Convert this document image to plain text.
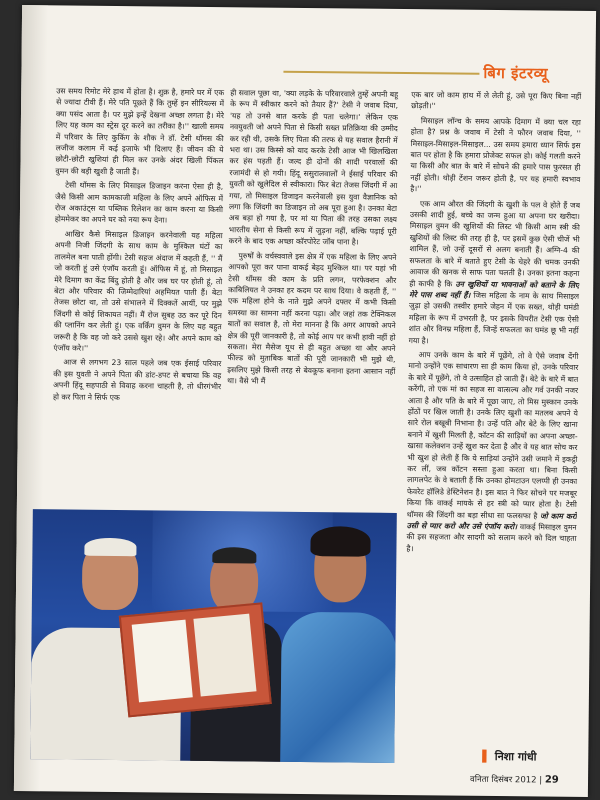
बिग इंटरव्यू

उस समय रिमोट मेरे हाथ में होता है। शुक्र है, हमारे घर में एक से ज्यादा टीवी हैं। मेरे पति पूछते हैं कि तुम्हें इन सीरियल्स में क्या पसंद आता है। पर मुझे इन्हें देखना अच्छा लगता है। मेरे लिए यह काम का स्ट्रेस दूर करने का तरीका है।'' खाली समय में परिवार के लिए कुकिंग के शौक ने डॉ. टेसी थॉमस की लजीज कलाम में कई इजाफे भी दिलाए हैं। जीवन की ये छोटी-छोटी खुशियां ही मिल कर उनके अंदर खिली पिंकल वुमन की बड़ी खुशी है जाती हैं।

टेसी थॉमस के लिए मिसाइल डिजाइन करना ऐसा ही है, जैसे किसी आम कामकाजी महिला के लिए अपने ऑफिस में रोज अकाउंट्स या पब्लिक रिलेशन का काम करना या किसी होममेकर का अपने घर को नया रूप देना।

आखिर कैसे मिसाइल डिजाइन करनेवाली यह महिला अपनी निजी जिंदगी के साथ काम के मुश्किल घंटों का तालमेल बना पाती होंगी। टेसी सहज अंदाज में कहती हैं, '' मैं जो करती हूं उसे एंजॉय करती हूं। ऑफिस में हूं, तो मिसाइल मेरे दिमाग का केंद्र बिंदु होती है और जब घर पर होती हूं, तो बेटा और परिवार की जिम्मेदारियां अहमियत पाती हैं। बेटा तेजस छोटा था, तो उसे संभालने में दिक्कतें आयीं, पर मुझे जिंदगी से कोई शिकायत नहीं। मैं रोज सुबह उठ कर पूरे दिन की प्लानिंग कर लेती हूं। एक वर्किंग वुमन के लिए यह बहुत जरूरी है कि वह जो करे उससे खुश रहे। और अपने काम को एंजॉय करे।''

आज से लगभग 23 साल पहले जब एक ईसाई परिवार की इस युवती ने अपने पिता की डांट-डपट से बचाया कि वह अपनी हिंदू सहपाठी से विवाह करना चाहती है, तो धीरगंभीर हो कर पिता ने सिर्फ एक

ही सवाल पूछा था, 'क्या लड़के के परिवारवाले तुम्हें अपनी बहू के रूप में स्वीकार करने को तैयार हैं?' टेसी ने जवाब दिया, 'यह तो उनसे बात करके ही पता चलेगा।' लेकिन एक नवयुवती जो अपने पिता से किसी सख्त प्रतिक्रिया की उम्मीद कर रही थी, उसके लिए पिता की तरफ से यह सवाल हैरानी में भरा था। उस किस्से को याद करके टेसी आज भी खिलखिला कर हंस पड़ती हैं। जल्द ही दोनों की शादी परवालों की रजामंदी से हो गयी। हिंदू ससुरालवालों ने ईसाई परिवार की युवती को खुलेदिल से स्वीकारा। फिर बेटा तेजस जिंदगी में आ गया, तो मिसाइल डिजाइन करनेवाली इस युवा वैज्ञानिक को लगा कि जिंदगी का डिजाइन तो अब पूरा हुआ है। उनका बेटा अब बड़ा हो गया है, पर मां या पिता की तरह उसका लक्ष्य भारतीय सेना से किसी रूप में जुड़ना नहीं, बल्कि पढ़ाई पूरी करने के बाद एक अच्छा कॉरपोरेट जॉब पाना है।

पुरुषों के वर्चस्ववाले इस क्षेत्र में एक महिला के लिए अपने आपको पूरा कर पाना वाकई बेहद मुश्किल था। पर यहां भी टेसी थॉमस की काम के प्रति लगन, परफेक्शन और काबिलियत ने उनका हर कदम पर साथ दिया। वे कहती हैं, '' एक महिला होने के नाते मुझे अपने दफ्तर में कभी किसी समस्या का सामना नहीं करना पड़ा। और जहां तक टेक्निकल बातों का सवाल है, तो मेरा मानना है कि अगर आपको अपने क्षेत्र की पूरी जानकारी है, तो कोई आप पर कभी हावी नहीं हो सकता। मेरा मैसेज यूथ से ही बहुत अच्छा था और अपने फील्ड को मुताबिक बातों की पूरी जानकारी भी मुझे थी, इसलिए मुझे किसी तरह से बेवकूफ बनाना इतना आसान नहीं था। वैसे भी मैं

एक बार जो काम हाथ में ले लेती हूं, उसे पूरा किए बिना नहीं छोड़ती।''

मिसाइल लॉन्च के समय आपके दिमाग में क्या चल रहा होता है? प्रश्न के जवाब में टेसी ने फौरन जवाब दिया, '' मिसाइल-मिसाइल-मिसाइल... उस समय हमारा ध्यान सिर्फ इस बात पर होता है कि हमारा प्रोजेक्ट सफल हो। कोई गलती करने या किसी और बात के बारे में सोचने की हमारे पास फुरसत ही नहीं होती। थोड़ी टेंशन जरूर होती है, पर यह हमारी स्वभाव है।''

एक आम औरत की जिंदगी के खुशी के पल वे होते हैं जब उसकी शादी हुई, बच्चे का जन्म हुआ या अपना घर खरीदा। मिसाइल वुमन की खुशियों की लिस्ट भी किसी आम स्त्री की खुशियों की लिस्ट की तरह ही है, पर इसमें कुछ ऐसी चीजें भी शामिल हैं, जो उन्हें दूसरों से अलग बनाती हैं। अग्नि-4 की सफलता के बारे में बताते हुए टेसी के चेहरे की चमक उनकी आवाज की खनक से साफ पता चलती है। उनका इतना कहना ही काफी है कि उन खुशियों या भावनाओं को बताने के लिए मेरे पास शब्द नहीं हैं। जिस महिला के नाम के साथ मिसाइल जुड़ा हो उसकी तस्वीर हमारे जेहन में एक सख्त, थोड़ी घमंडी महिला के रूप में उभरती है, पर इसके विपरीत टेसी एक ऐसी शांत और विनम्र महिला हैं, जिन्हें सफलता का घमंड छू भी नहीं गया है।

आप उनके काम के बारे में पूछेंगे, तो वे ऐसे जवाब देंगी मानो उन्होंने एक साधारण सा ही काम किया हो, उनके परिवार के बारे में पूछेंगे, तो वे उत्साहित हो जाती हैं। बेटे के बारे में बात करेंगी, तो एक मां का सहज सा वात्सल्य और गर्व उनकी नजर आता है और पति के बारे में पूछा जाए, तो मिस मुस्कान उनके होंठों पर खिल जाती है। उनके लिए खुशी का मतलब अपने ये सारे रोल बखूबी निभाना है। उन्हें पति और बेटे के लिए खाना बनाने में खुशी मिलती है, कॉटन की साड़ियों का अपना अच्छा-खासा कलेक्शन उन्हें खुश कर देता है और वे यह बात सोच कर भी खुश हो लेती हैं कि ये साड़ियां उन्होंने उसी जमाने में इकट्ठी कर लीं, जब कॉटन सस्ता हुआ करता था। बिना किसी लागलपेट के वे बताती हैं कि उनका होमटाउन एलप्पी ही उनका फेवरेट हॉलिडे डेस्टिनेशन है। इस बात ने फिर सोचने पर मजबूर किया कि वाकई मायके से हर स्त्री को प्यार होता है। टेसी थॉमस की जिंदगी का बड़ा सीधा सा फलसफा है जो काम करो उसी से प्यार करो और उसे एंजॉय करो। वाकई मिसाइल वुमन की इस सहजता और सादगी को सलाम करने को दिल चाहता है।

▌ निशा गांधी
वनिता दिसंबर 2012 | 29
